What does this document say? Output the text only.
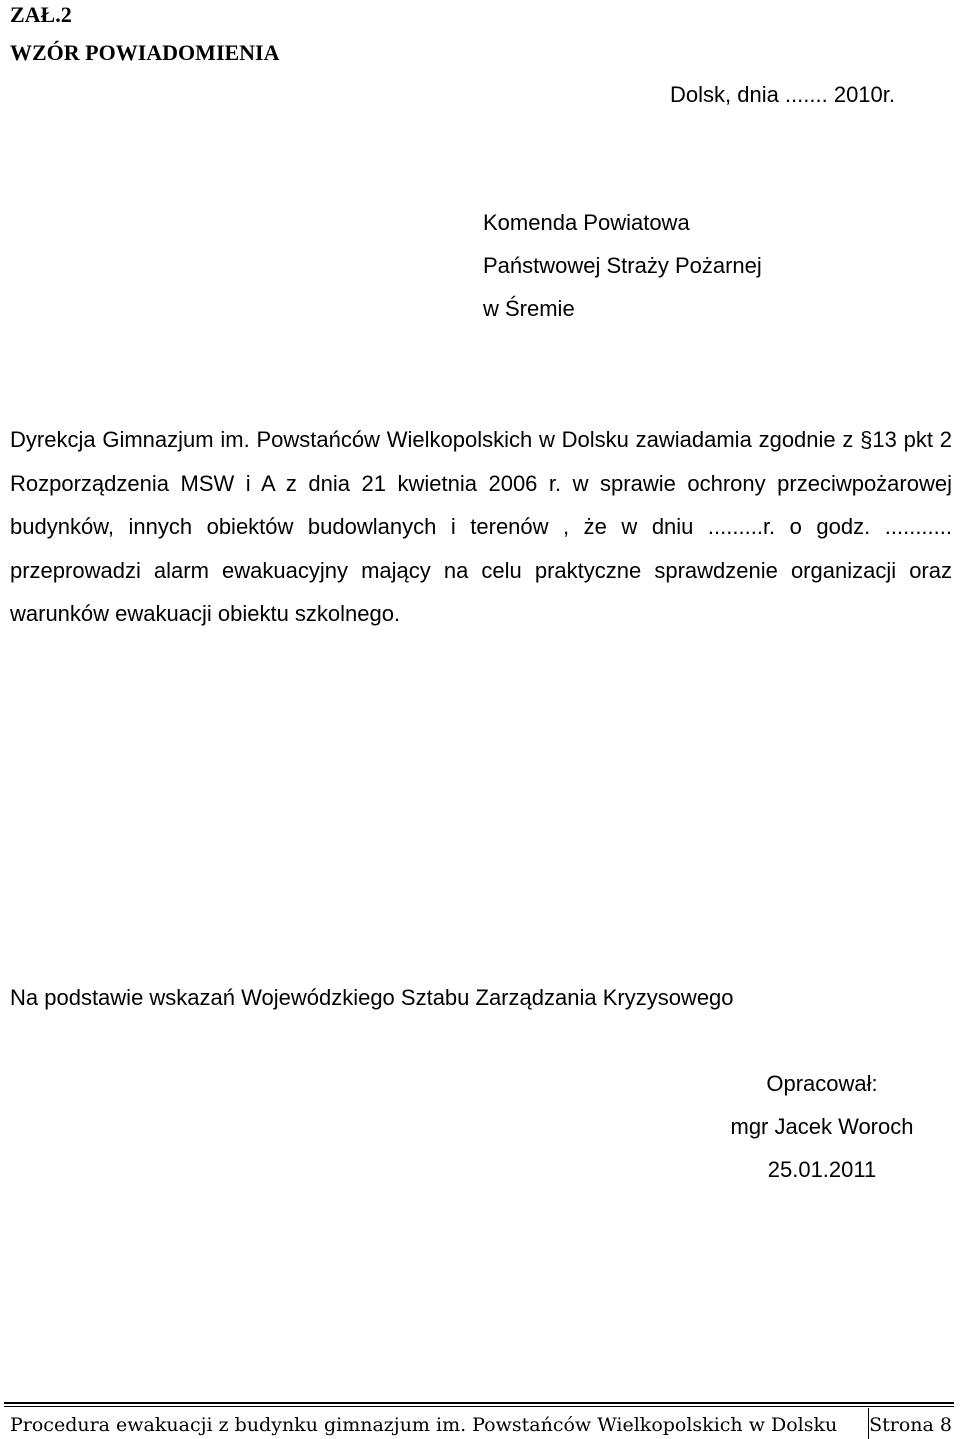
ZAŁ.2
WZÓR POWIADOMIENIA
Dolsk, dnia ....... 2010r.
Komenda Powiatowa
Państwowej Straży Pożarnej
w Śremie

Dyrekcja Gimnazjum im. Powstańców Wielkopolskich w Dolsku zawiadamia zgodnie z §13 pkt 2 Rozporządzenia MSW i A z dnia 21 kwietnia 2006 r. w sprawie ochrony przeciwpożarowej budynków, innych obiektów budowlanych i terenów , że w dniu .........r. o godz. ........... przeprowadzi alarm ewakuacyjny mający na celu praktyczne sprawdzenie organizacji oraz warunków ewakuacji obiektu szkolnego.

Na podstawie wskazań Wojewódzkiego Sztabu Zarządzania Kryzysowego
Opracował:
mgr Jacek Woroch
25.01.2011
Procedura ewakuacji z budynku gimnazjum im. Powstańców Wielkopolskich w Dolsku Strona 8
